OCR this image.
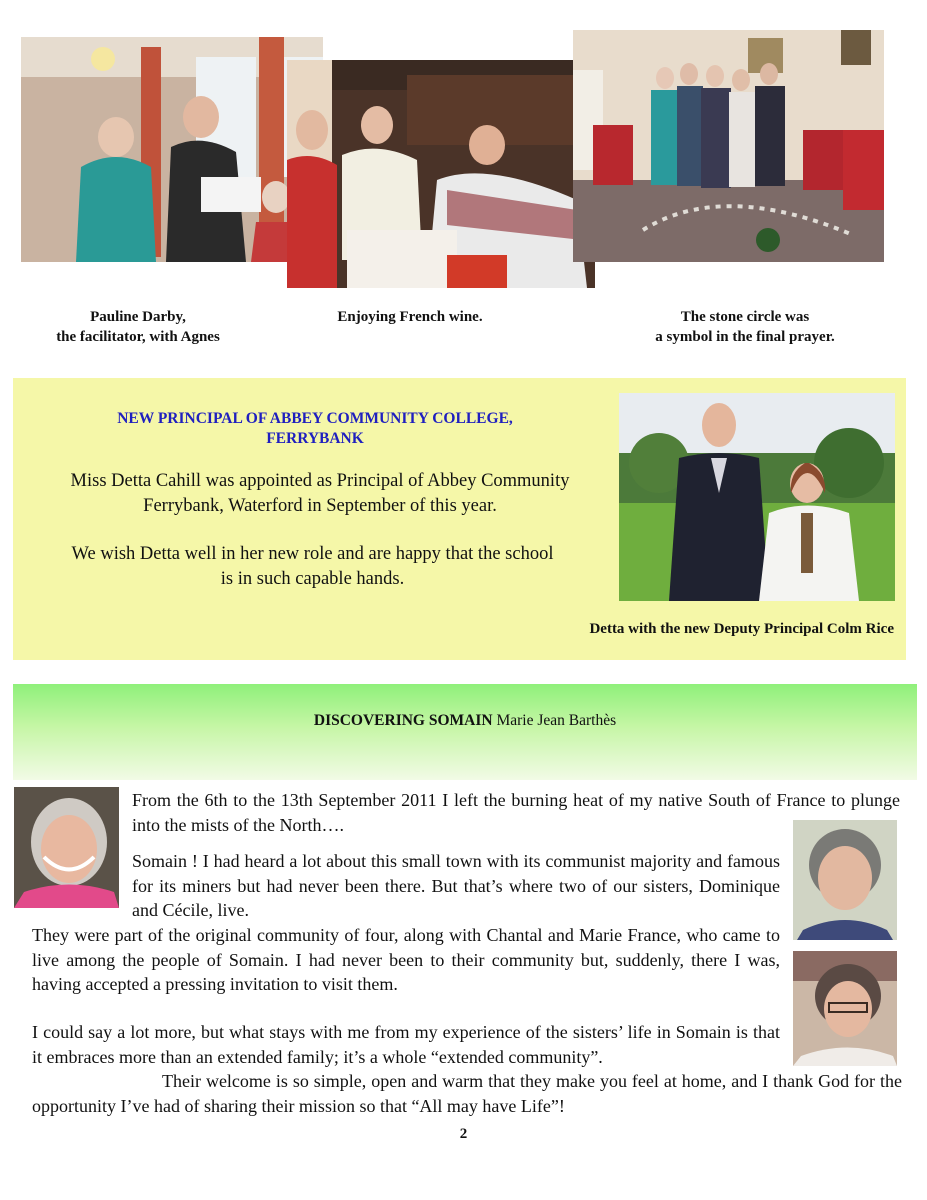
Pauline Darby,
the facilitator, with Agnes
Enjoying French wine.	The stone circle was
a symbol in the final prayer.
NEW PRINCIPAL OF ABBEY COMMUNITY COLLEGE,
FERRYBANK
Miss Detta Cahill was appointed as Principal of Abbey Community
Ferrybank, Waterford in September of this year.
We wish Detta well in her new role and are happy that the school
is in such capable hands.
Detta with the new Deputy Principal Colm Rice
DISCOVERING SOMAIN Marie Jean Barthès

From the 6th to the 13th September 2011 I left the burning heat of my native South of France to plunge into the mists of the North….

Somain ! I had heard a lot about this small town with its communist majority and famous for its miners but had never been there. But that’s where two of our sisters, Dominique and Cécile, live.

They were part of the original community of four, along with Chantal and Marie France, who came to live among the people of Somain. I had never been to their community but, suddenly, there I was, having accepted a pressing invitation to visit them.

I could say a lot more, but what stays with me from my experience of the sisters’ life in Somain is that it embraces more than an extended family; it’s a whole “extended community”.

Their welcome is so simple, open and warm that they make you feel at home, and I thank God for the opportunity I’ve had of sharing their mission so that “All may have Life”!

2
